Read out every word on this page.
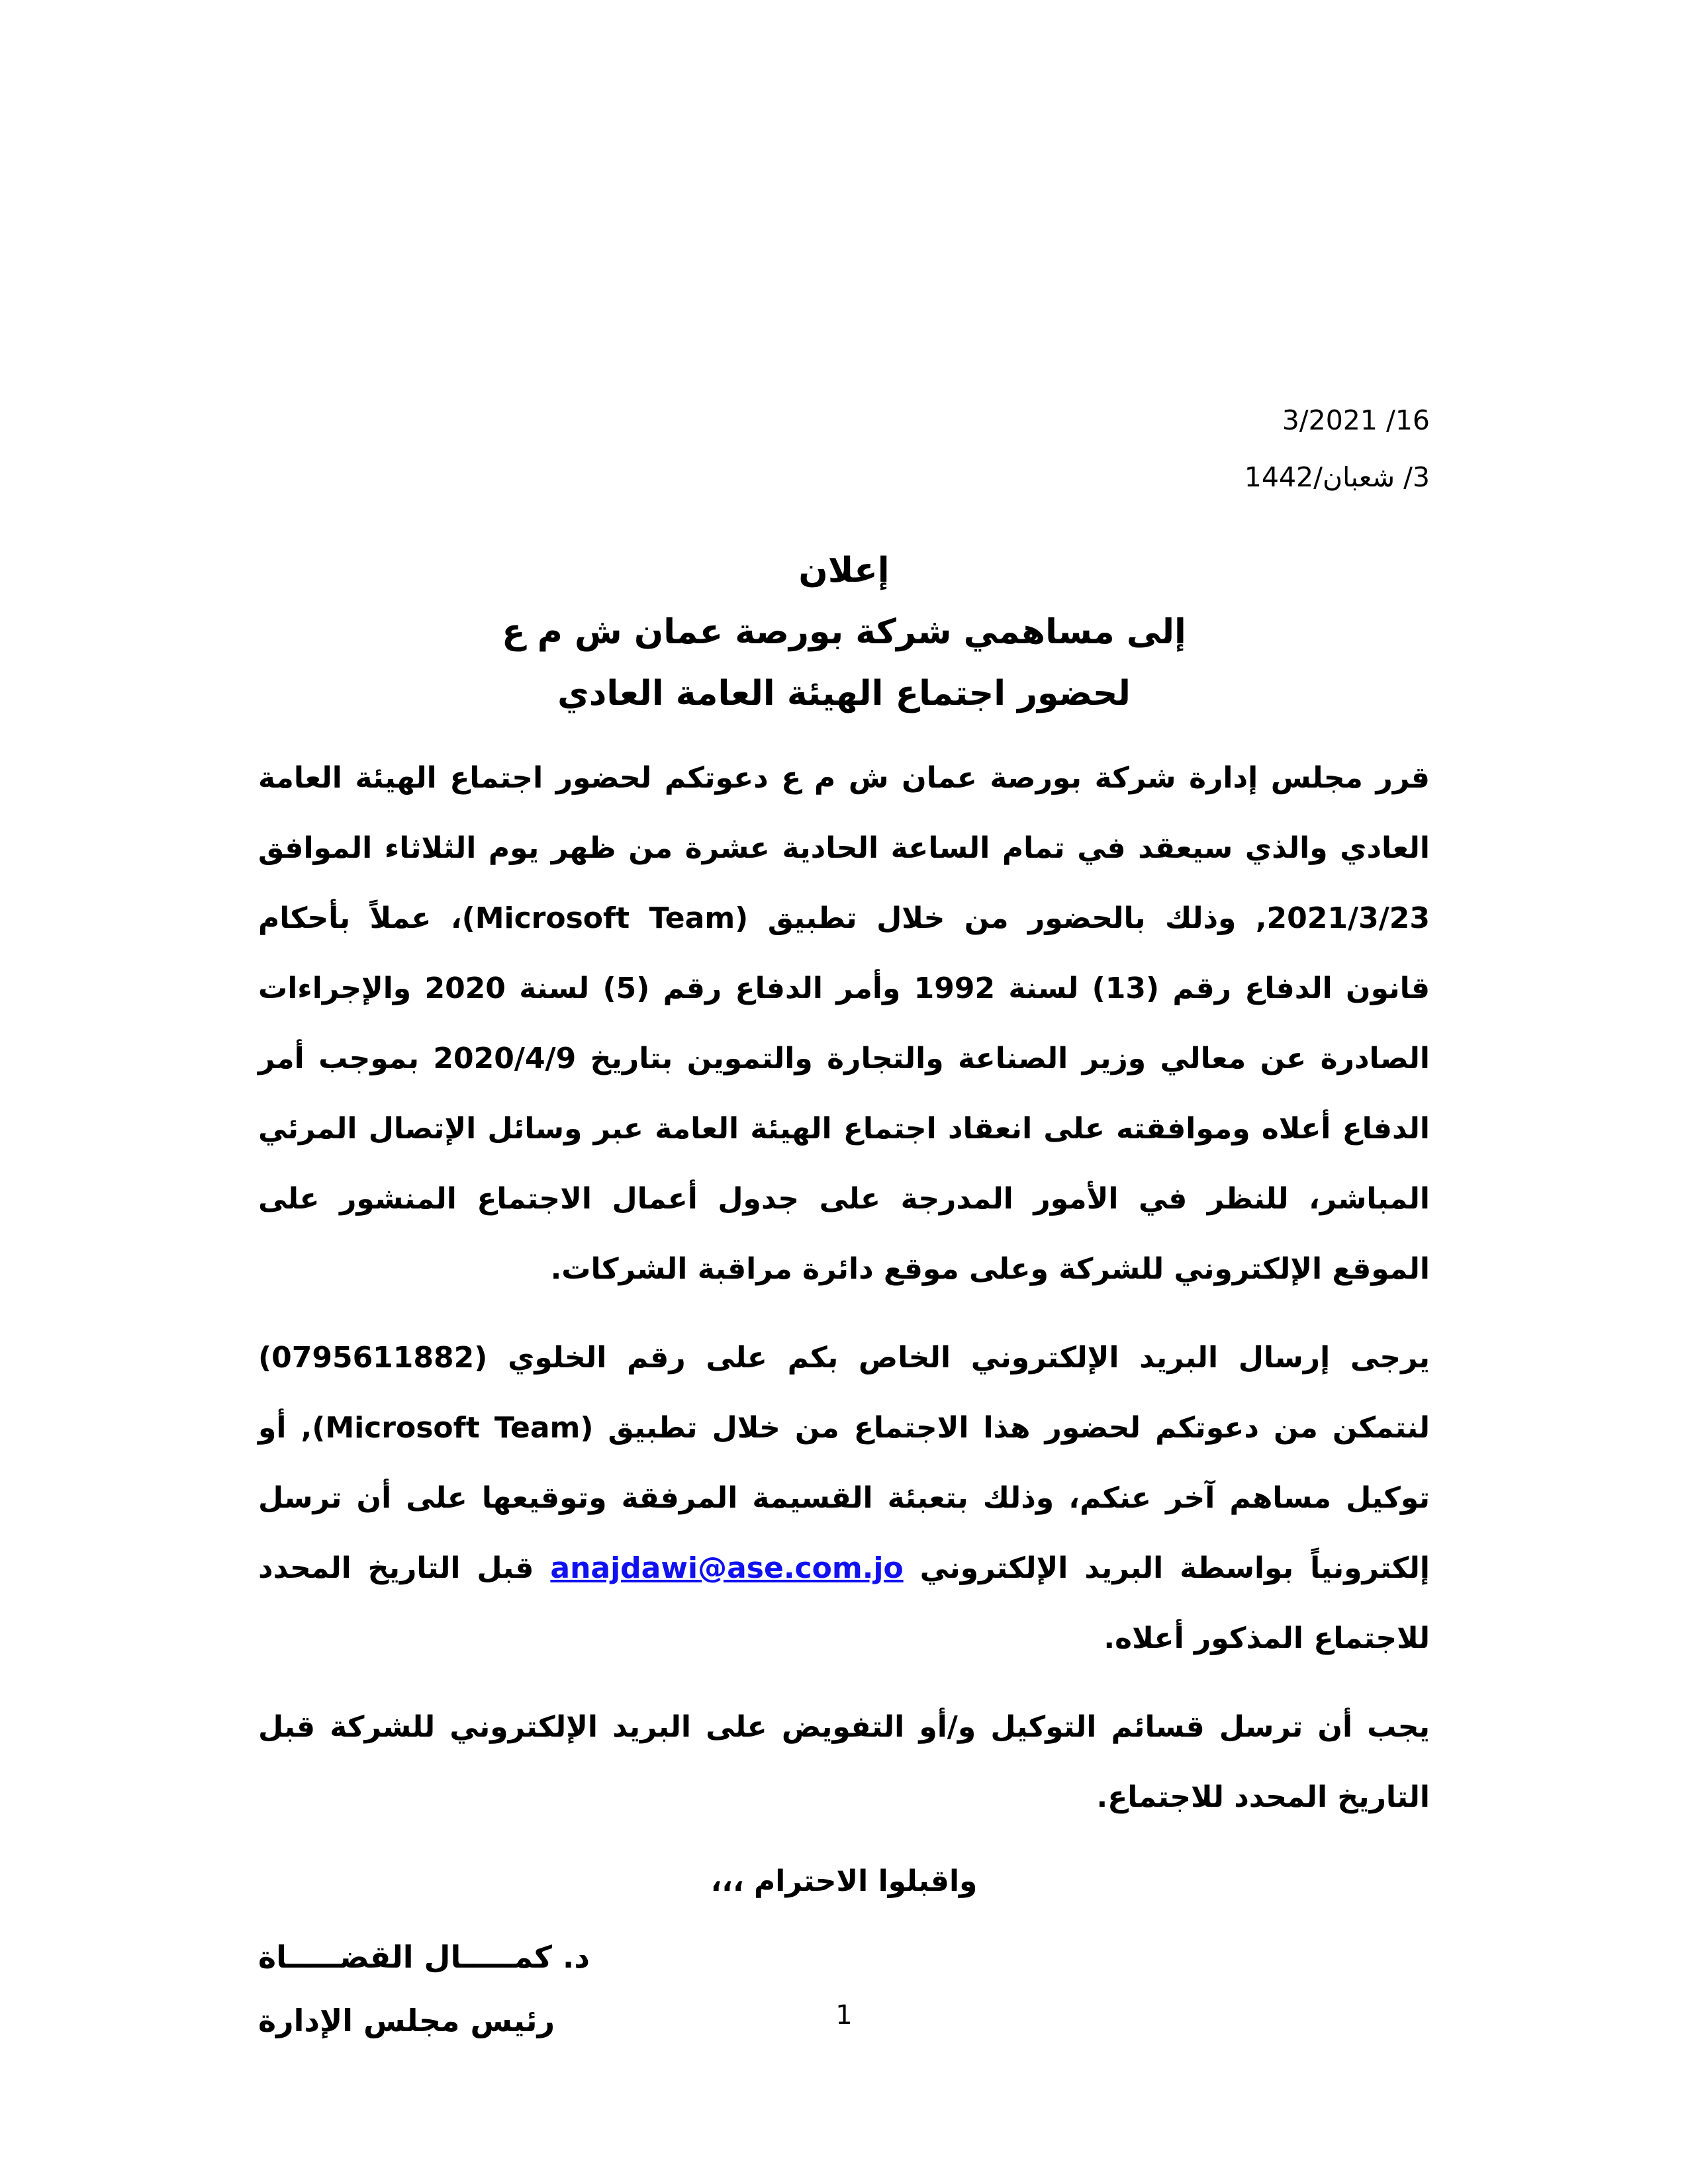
16/ 3/2021
3/ شعبان/1442
إعلان
إلى مساهمي شركة بورصة عمان ش م ع
لحضور اجتماع الهيئة العامة العادي

قرر مجلس إدارة شركة بورصة عمان ش م ع دعوتكم لحضور اجتماع الهيئة العامة العادي والذي سيعقد في تمام الساعة الحادية عشرة من ظهر يوم الثلاثاء الموافق 2021/3/23, وذلك بالحضور من خلال تطبيق (Microsoft Team)، عملاً بأحكام قانون الدفاع رقم (13) لسنة 1992 وأمر الدفاع رقم (5) لسنة 2020 والإجراءات الصادرة عن معالي وزير الصناعة والتجارة والتموين بتاريخ 2020/4/9 بموجب أمر الدفاع أعلاه وموافقته على انعقاد اجتماع الهيئة العامة عبر وسائل الإتصال المرئي المباشر، للنظر في الأمور المدرجة على جدول أعمال الاجتماع المنشور على الموقع الإلكتروني للشركة وعلى موقع دائرة مراقبة الشركات.

يرجى إرسال البريد الإلكتروني الخاص بكم على رقم الخلوي (0795611882) لنتمكن من دعوتكم لحضور هذا الاجتماع من خلال تطبيق (Microsoft Team), أو توكيل مساهم آخر عنكم، وذلك بتعبئة القسيمة المرفقة وتوقيعها على أن ترسل إلكترونياً بواسطة البريد الإلكتروني anajdawi@ase.com.jo قبل التاريخ المحدد للاجتماع المذكور أعلاه.

يجب أن ترسل قسائم التوكيل و/أو التفويض على البريد الإلكتروني للشركة قبل التاريخ المحدد للاجتماع.

واقبلوا الاحترام ،،،
د. كمـــــال القضـــــاة
رئيس مجلس الإدارة	1
